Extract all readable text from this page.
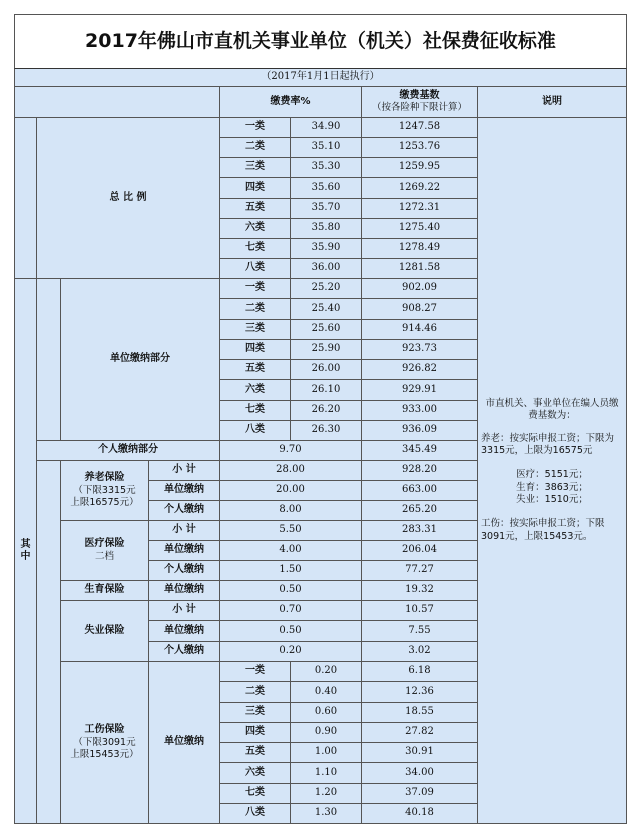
2017年佛山市直机关事业单位（机关）社保费征收标准
（2017年1月1日起执行）
缴费率%
缴费基数
（按各险种下限计算）
说明
其
中
总 比 例
一类	34.90	1247.58
二类	35.10	1253.76
三类	35.30	1259.95
四类	35.60	1269.22
五类	35.70	1272.31
六类	35.80	1275.40
七类	35.90	1278.49
八类	36.00	1281.58
单位缴纳部分
一类	25.20	902.09
二类	25.40	908.27
三类	25.60	914.46
四类	25.90	923.73
五类	26.00	926.82
六类	26.10	929.91
七类	26.20	933.00
八类	26.30	936.09
个人缴纳部分	9.70	345.49
养老保险
（下限3315元
上限16575元）
小 计	28.00	928.20
单位缴纳	20.00	663.00
个人缴纳	8.00	265.20
医疗保险
二档
小 计	5.50	283.31
单位缴纳	4.00	206.04
个人缴纳	1.50	77.27
生育保险	单位缴纳	0.50	19.32
失业保险
小 计	0.70	10.57
单位缴纳	0.50	7.55
个人缴纳	0.20	3.02
工伤保险
（下限3091元
上限15453元）
单位缴纳
一类	0.20	6.18
二类	0.40	12.36
三类	0.60	18.55
四类	0.90	27.82
五类	1.00	30.91
六类	1.10	34.00
七类	1.20	37.09
八类	1.30	40.18

市直机关、事业单位在编人员缴费基数为：

养老：按实际申报工资；下限为3315元，上限为16575元

医疗：5151元；

生育：3863元；

失业：1510元；

工伤：按实际申报工资；下限3091元，上限15453元。
